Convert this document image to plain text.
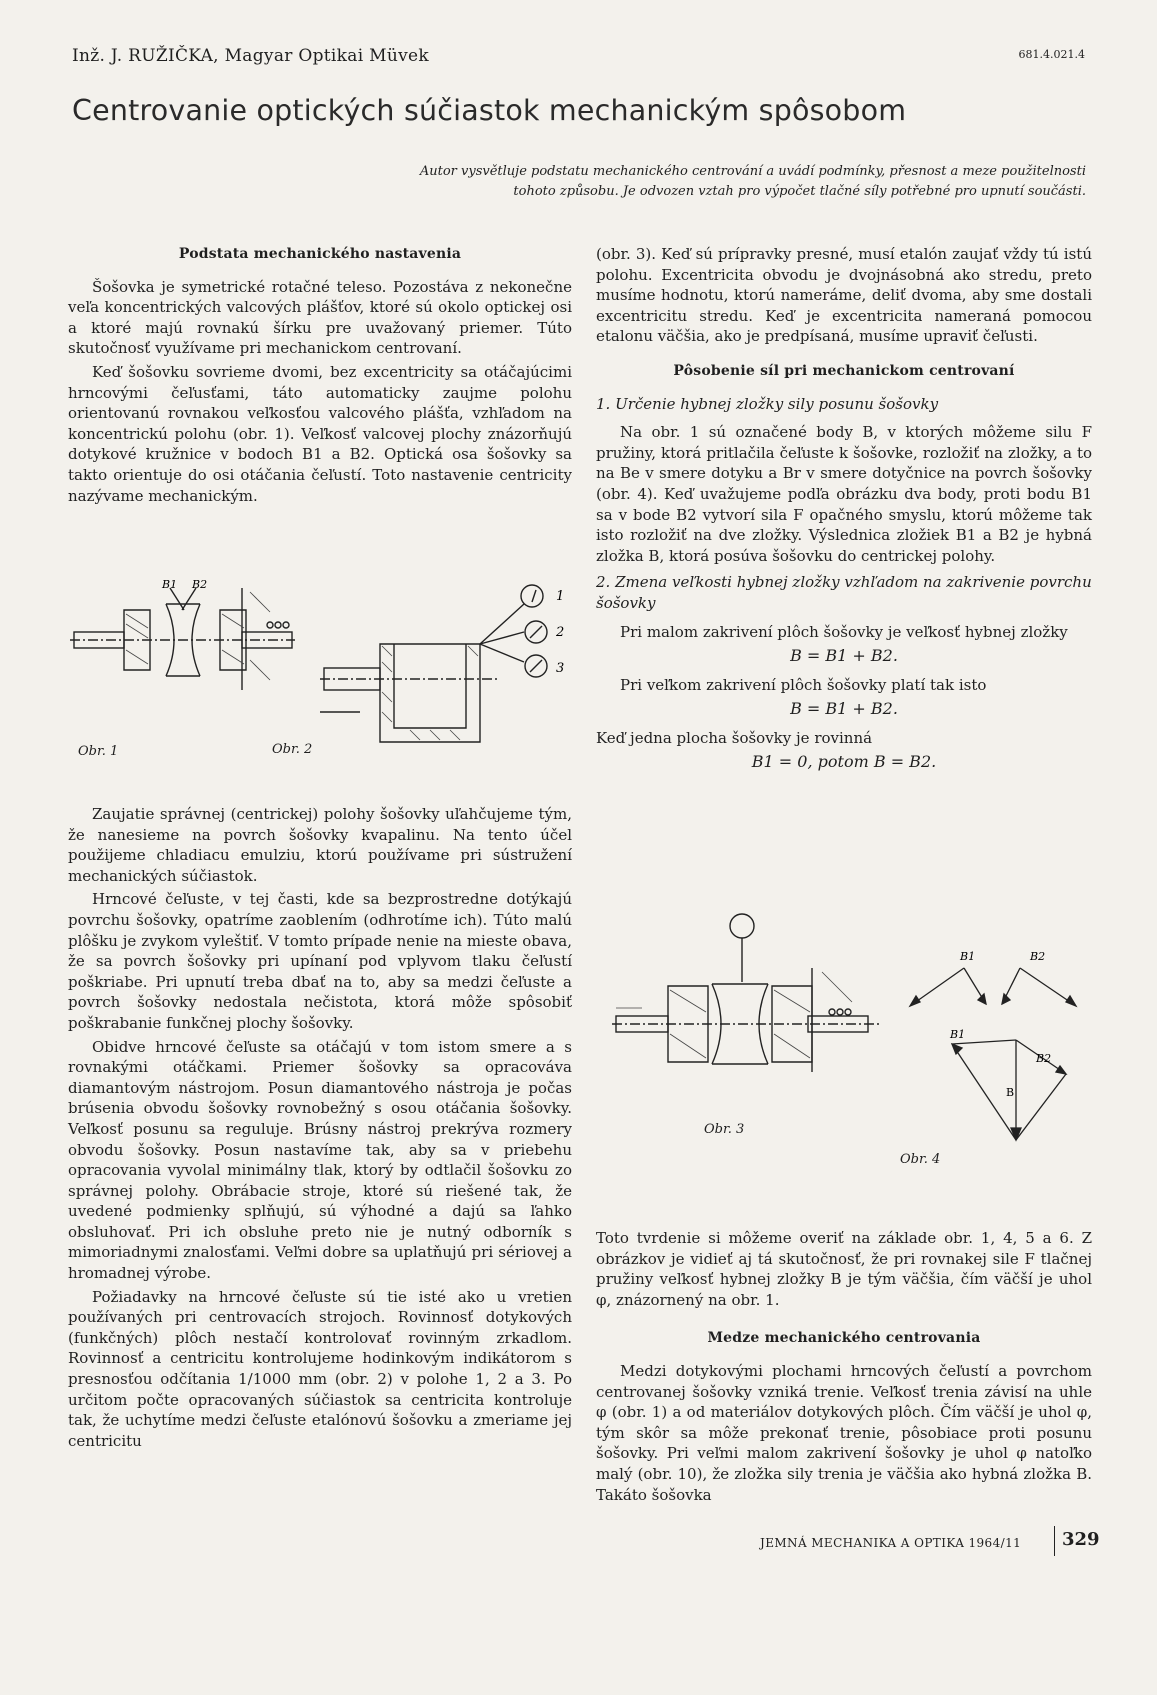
Inž. J. RUŽIČKA, Magyar Optikai Müvek	681.4.021.4
Centrovanie optických súčiastok mechanickým spôsobom
Autor vysvětluje podstatu mechanického centrování a uvádí podmínky, přesnost a meze použitelnosti tohoto způsobu. Je odvozen vztah pro výpočet tlačné síly potřebné pro upnutí součásti.
Podstata mechanického nastavenia

Šošovka je symetrické rotačné teleso. Pozostáva z nekonečne veľa koncentrických valcových plášťov, ktoré sú okolo optickej osi a ktoré majú rovnakú šírku pre uvažovaný priemer. Túto skutočnosť využívame pri mechanickom centrovaní.

Keď šošovku sovrieme dvomi, bez excentricity sa otáčajúcimi hrncovými čeľusťami, táto automaticky zaujme polohu orientovanú rovnakou veľkosťou valcového plášťa, vzhľadom na koncentrickú polohu (obr. 1). Veľkosť valcovej plochy znázorňujú dotykové kružnice v bodoch B1 a B2. Optická osa šošovky sa takto orientuje do osi otáčania čeľustí. Toto nastavenie centricity nazývame mechanickým.

B1 B2
Obr. 1
1
2
3
Obr. 2

Zaujatie správnej (centrickej) polohy šošovky uľahčujeme tým, že nanesieme na povrch šošovky kvapalinu. Na tento účel použijeme chladiacu emulziu, ktorú používame pri sústružení mechanických súčiastok.

Hrncové čeľuste, v tej časti, kde sa bezprostredne dotýkajú povrchu šošovky, opatríme zaoblením (odhrotíme ich). Túto malú plôšku je zvykom vyleštiť. V tomto prípade nenie na mieste obava, že sa povrch šošovky pri upínaní pod vplyvom tlaku čeľustí poškriabe. Pri upnutí treba dbať na to, aby sa medzi čeľuste a povrch šošovky nedostala nečistota, ktorá môže spôsobiť poškrabanie funkčnej plochy šošovky.

Obidve hrncové čeľuste sa otáčajú v tom istom smere a s rovnakými otáčkami. Priemer šošovky sa opracováva diamantovým nástrojom. Posun diamantového nástroja je počas brúsenia obvodu šošovky rovnobežný s osou otáčania šošovky. Veľkosť posunu sa reguluje. Brúsny nástroj prekrýva rozmery obvodu šošovky. Posun nastavíme tak, aby sa v priebehu opracovania vyvolal minimálny tlak, ktorý by odtlačil šošovku zo správnej polohy. Obrábacie stroje, ktoré sú riešené tak, že uvedené podmienky splňujú, sú výhodné a dajú sa ľahko obsluhovať. Pri ich obsluhe preto nie je nutný odborník s mimoriadnymi znalosťami. Veľmi dobre sa uplatňujú pri sériovej a hromadnej výrobe.

Požiadavky na hrncové čeľuste sú tie isté ako u vretien používaných pri centrovacích strojoch. Rovinnosť dotykových (funkčných) plôch nestačí kontrolovať rovinným zrkadlom. Rovinnosť a centricitu kontrolujeme hodinkovým indikátorom s presnosťou odčítania 1/1000 mm (obr. 2) v polohe 1, 2 a 3. Po určitom počte opracovaných súčiastok sa centricita kontroluje tak, že uchytíme medzi čeľuste etalónovú šošovku a zmeriame jej centricitu

(obr. 3). Keď sú prípravky presné, musí etalón zaujať vždy tú istú polohu. Excentricita obvodu je dvojnásobná ako stredu, preto musíme hodnotu, ktorú nameráme, deliť dvoma, aby sme dostali excentricitu stredu. Keď je excentricita nameraná pomocou etalonu väčšia, ako je predpísaná, musíme upraviť čeľusti.

Pôsobenie síl pri mechanickom centrovaní
1. Určenie hybnej zložky sily posunu šošovky

Na obr. 1 sú označené body B, v ktorých môžeme silu F pružiny, ktorá pritlačila čeľuste k šošovke, rozložiť na zložky, a to na Be v smere dotyku a Br v smere dotyčnice na povrch šošovky (obr. 4). Keď uvažujeme podľa obrázku dva body, proti bodu B1 sa v bode B2 vytvorí sila F opačného smyslu, ktorú môžeme tak isto rozložiť na dve zložky. Výslednica zložiek B1 a B2 je hybná zložka B, ktorá posúva šošovku do centrickej polohy.

2. Zmena veľkosti hybnej zložky vzhľadom na zakrivenie povrchu šošovky

Pri malom zakrivení plôch šošovky je veľkosť hybnej zložky

B = B1 + B2.

Pri veľkom zakrivení plôch šošovky platí tak isto

B = B1 + B2.

Keď jedna plocha šošovky je rovinná

B1 = 0, potom B = B2.
Obr. 3
B1	B2
B1
B2
B
Obr. 4

Toto tvrdenie si môžeme overiť na základe obr. 1, 4, 5 a 6. Z obrázkov je vidieť aj tá skutočnosť, že pri rovnakej sile F tlačnej pružiny veľkosť hybnej zložky B je tým väčšia, čím väčší je uhol φ, znázornený na obr. 1.

Medze mechanického centrovania

Medzi dotykovými plochami hrncových čeľustí a povrchom centrovanej šošovky vzniká trenie. Veľkosť trenia závisí na uhle φ (obr. 1) a od materiálov dotykových plôch. Čím väčší je uhol φ, tým skôr sa môže prekonať trenie, pôsobiace proti posunu šošovky. Pri veľmi malom zakrivení šošovky je uhol φ natoľko malý (obr. 10), že zložka sily trenia je väčšia ako hybná zložka B. Takáto šošovka

JEMNÁ MECHANIKA A OPTIKA 1964/11 329
